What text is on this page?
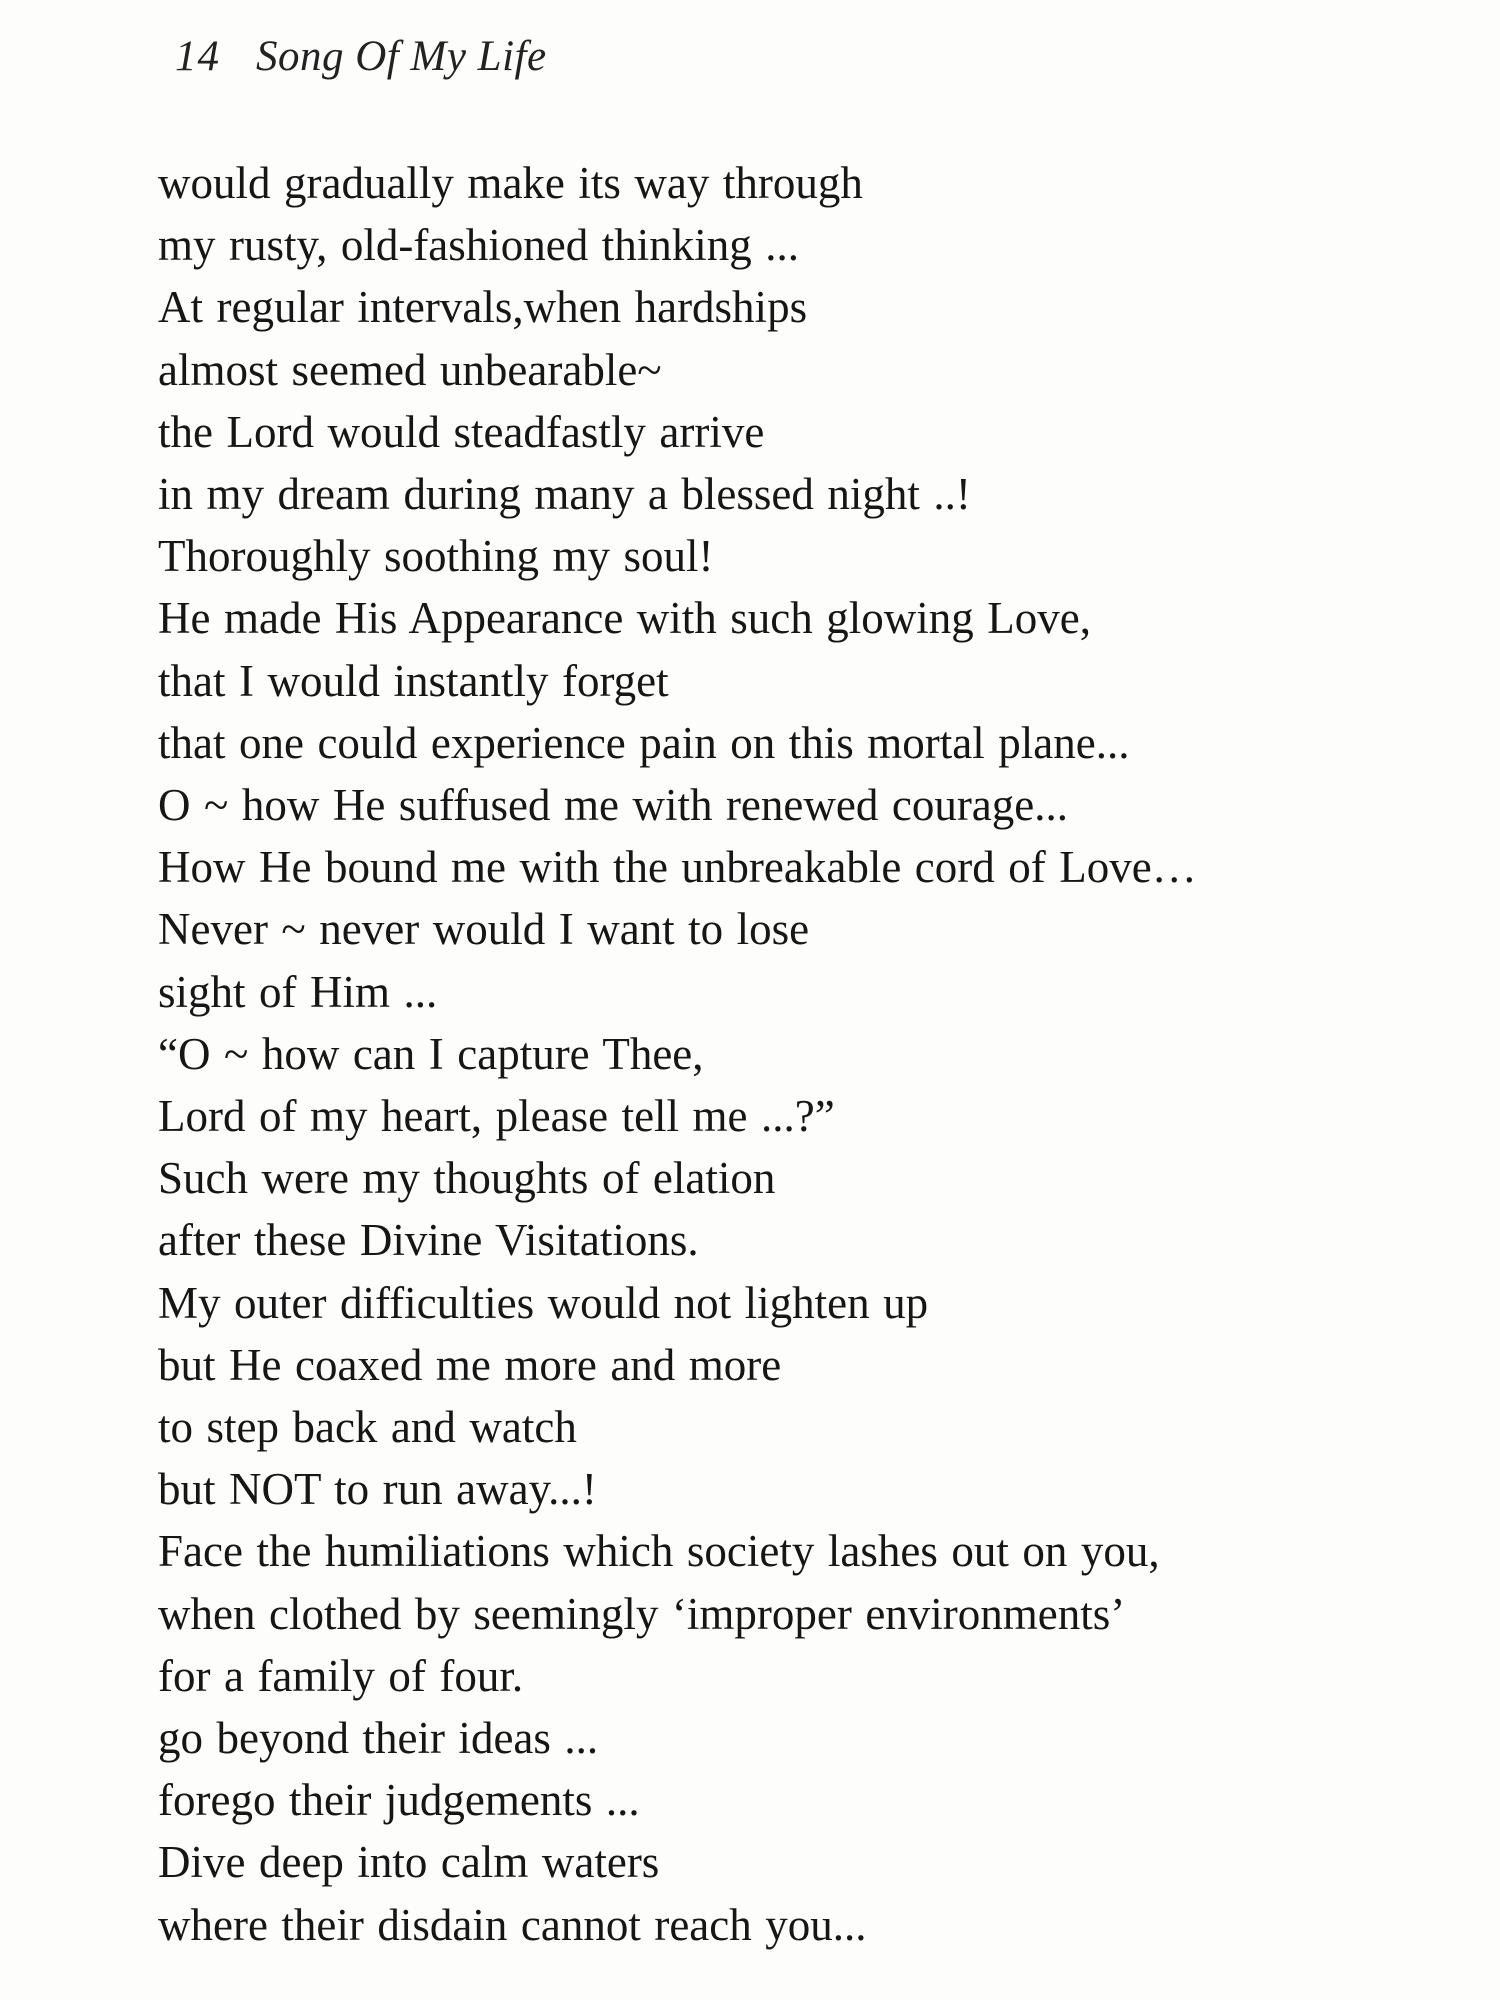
14 Song Of My Life
would gradually make its way through
my rusty, old-fashioned thinking ...
At regular intervals,when hardships
almost seemed unbearable~
the Lord would steadfastly arrive
in my dream during many a blessed night ..!
Thoroughly soothing my soul!
He made His Appearance with such glowing Love,
that I would instantly forget
that one could experience pain on this mortal plane...
O ~ how He suffused me with renewed courage...
How He bound me with the unbreakable cord of Love…
Never ~ never would I want to lose
sight of Him ...
“O ~ how can I capture Thee,
Lord of my heart, please tell me ...?”
Such were my thoughts of elation
after these Divine Visitations.
My outer difficulties would not lighten up
but He coaxed me more and more
to step back and watch
but NOT to run away...!
Face the humiliations which society lashes out on you,
when clothed by seemingly ‘improper environments’
for a family of four.
go beyond their ideas ...
forego their judgements ...
Dive deep into calm waters
where their disdain cannot reach you...
